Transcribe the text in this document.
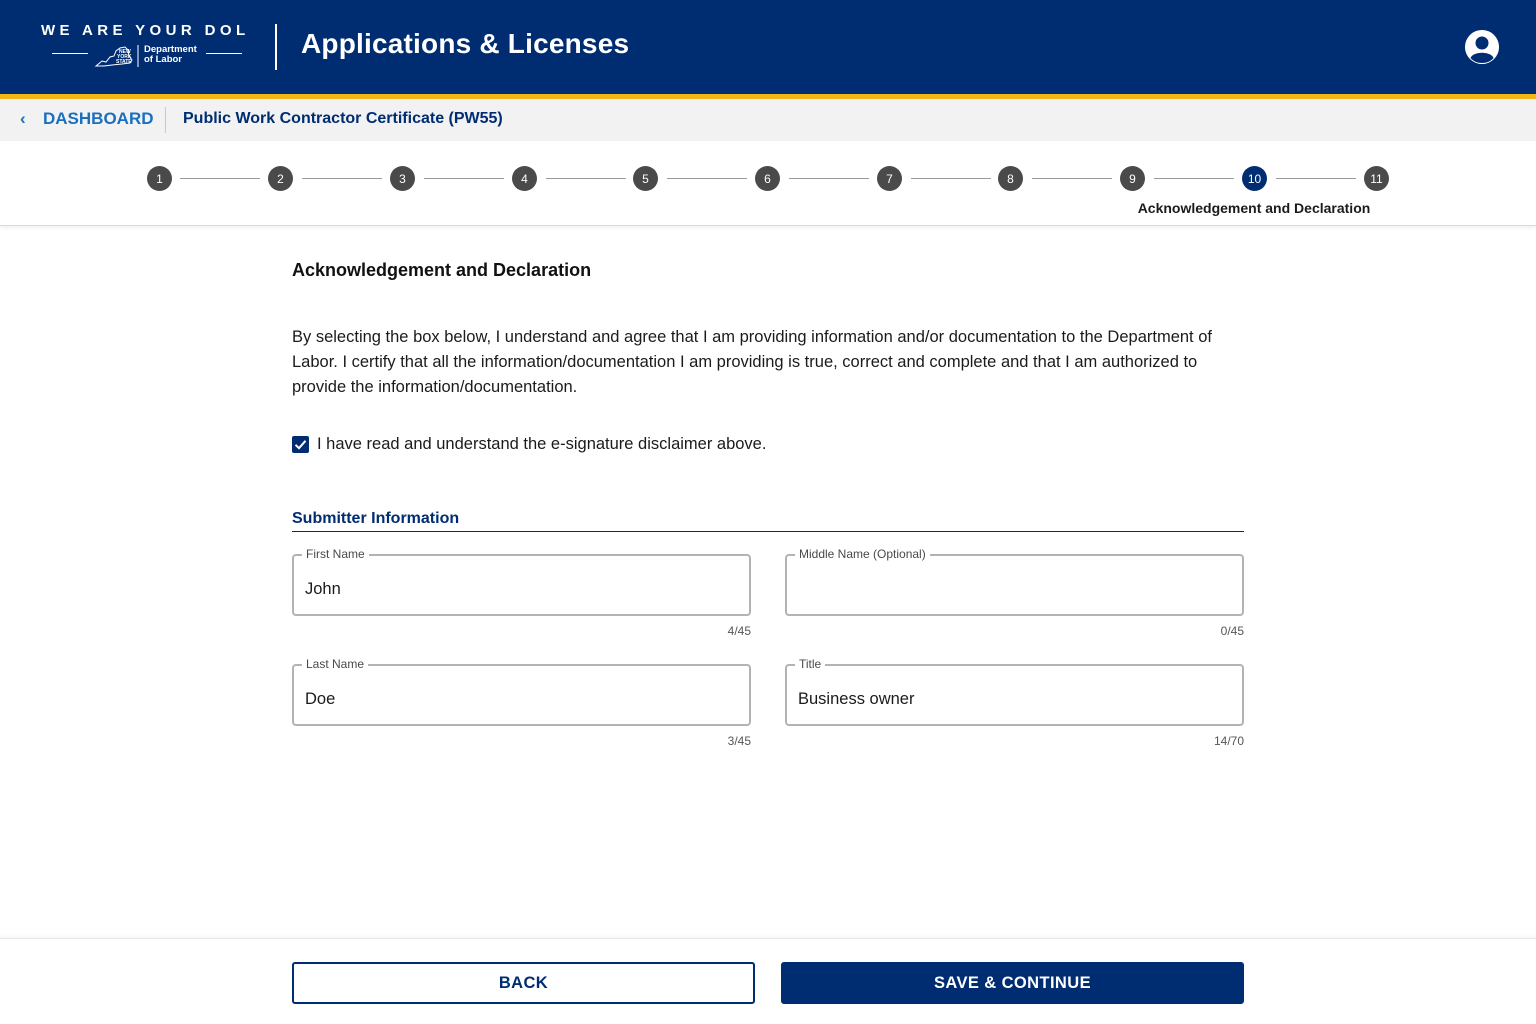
WE ARE YOUR DOL
NEW
YORK
STATE
Department
of Labor
Applications & Licenses
‹	DASHBOARD Public Work Contractor Certificate (PW55)
1	2	3	4	5	6	7	8	9	10	11
Acknowledgement and Declaration
Acknowledgement and Declaration
By selecting the box below, I understand and agree that I am providing information and/or documentation to the Department of Labor. I certify that all the information/documentation I am providing is true, correct and complete and that I am authorized to provide the information/documentation.
I have read and understand the e-signature disclaimer above.
Submitter Information
First Name
John
4/45
Middle Name (Optional)
0/45
Last Name
Doe
3/45
Title
Business owner
14/70
BACK	SAVE & CONTINUE
